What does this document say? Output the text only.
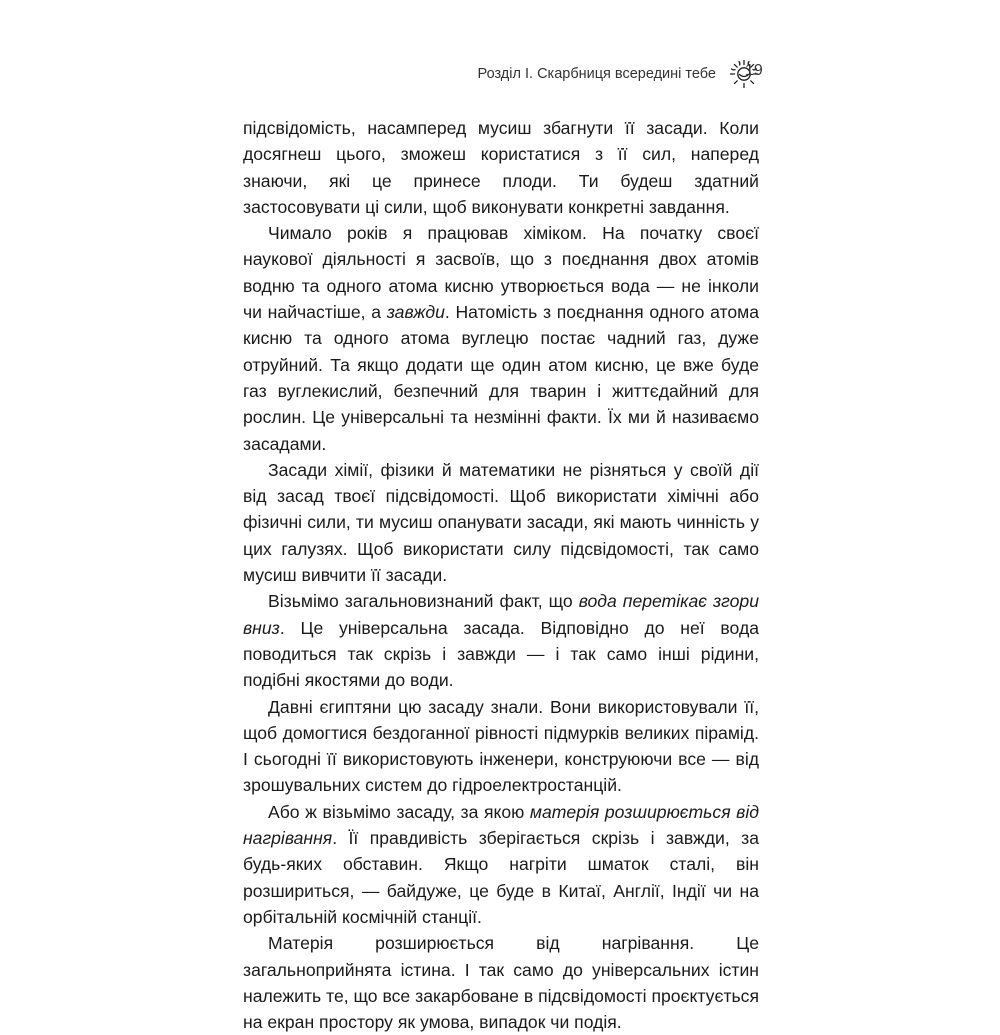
Розділ I. Скарбниця всередині тебе 19

підсвідомість, насамперед мусиш збагнути її засади. Коли досягнеш цього, зможеш користатися з її сил, наперед знаючи, які це принесе плоди. Ти будеш здатний застосовувати ці сили, щоб виконувати конкретні завдання.

Чимало років я працював хіміком. На початку своєї наукової діяльності я засвоїв, що з поєднання двох атомів водню та одного атома кисню утворюється вода — не інколи чи найчастіше, а завжди. Натомість з поєднання одного атома кисню та одного атома вуглецю постає чадний газ, дуже отруйний. Та якщо додати ще один атом кисню, це вже буде газ вуглекислий, безпечний для тварин і життєдайний для рослин. Це універсальні та незмінні факти. Їх ми й називаємо засадами.

Засади хімії, фізики й математики не різняться у своїй дії від засад твоєї підсвідомості. Щоб використати хімічні або фізичні сили, ти мусиш опанувати засади, які мають чинність у цих галузях. Щоб використати силу підсвідомості, так само мусиш вивчити її засади.

Візьмімо загальновизнаний факт, що вода перетікає згори вниз. Це універсальна засада. Відповідно до неї вода поводиться так скрізь і завжди — і так само інші рідини, подібні якостями до води.

Давні єгиптяни цю засаду знали. Вони використовували її, щоб домогтися бездоганної рівності підмурків великих пірамід. І сьогодні її використовують інженери, конструюючи все — від зрошувальних систем до гідроелектростанцій.

Або ж візьмімо засаду, за якою матерія розширюється від нагрівання. Її правдивість зберігається скрізь і завжди, за будь-яких обставин. Якщо нагріти шматок сталі, він розшириться, — байдуже, це буде в Китаї, Англії, Індії чи на орбітальній космічній станції.

Матерія розширюється від нагрівання. Це загальноприйнята істина. І так само до універсальних істин належить те, що все закарбоване в підсвідомості проєктується на екран простору як умова, випадок чи подія.
